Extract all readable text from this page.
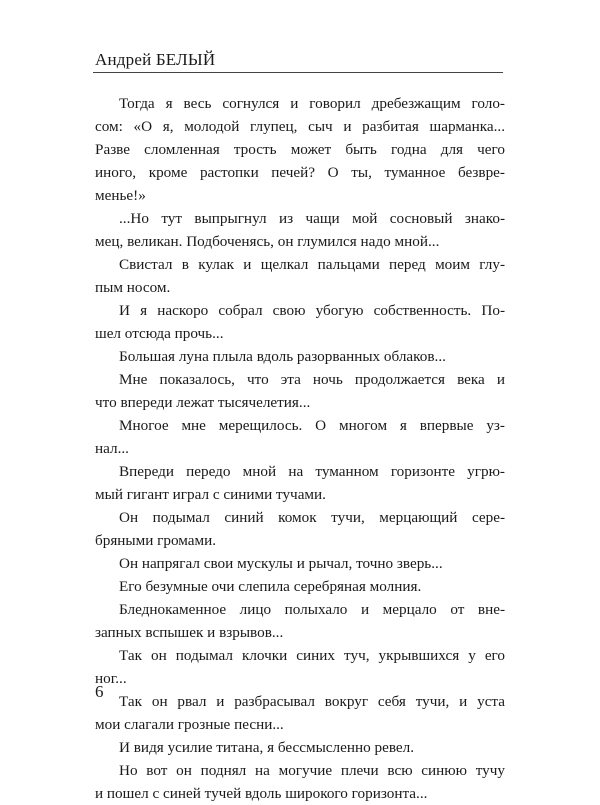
Андрей БЕЛЫЙ
Тогда я весь согнулся и говорил дребезжащим голо-
сом: «О я, молодой глупец, сыч и разбитая шарманка...
Разве сломленная трость может быть годна для чего
иного, кроме растопки печей? О ты, туманное безвре-
менье!»
...Но тут выпрыгнул из чащи мой сосновый знако-
мец, великан. Подбоченясь, он глумился надо мной...
Свистал в кулак и щелкал пальцами перед моим глу-
пым носом.
И я наскоро собрал свою убогую собственность. По-
шел отсюда прочь...
Большая луна плыла вдоль разорванных облаков...
Мне показалось, что эта ночь продолжается века и
что впереди лежат тысячелетия...
Многое мне мерещилось. О многом я впервые уз-
нал...
Впереди передо мной на туманном горизонте угрю-
мый гигант играл с синими тучами.
Он подымал синий комок тучи, мерцающий сере-
бряными громами.
Он напрягал свои мускулы и рычал, точно зверь...
Его безумные очи слепила серебряная молния.
Бледнокаменное лицо полыхало и мерцало от вне-
запных вспышек и взрывов...
Так он подымал клочки синих туч, укрывшихся у его
ног...
Так он рвал и разбрасывал вокруг себя тучи, и уста
мои слагали грозные песни...
И видя усилие титана, я бессмысленно ревел.
Но вот он поднял на могучие плечи всю синюю тучу
и пошел с синей тучей вдоль широкого горизонта...
6
